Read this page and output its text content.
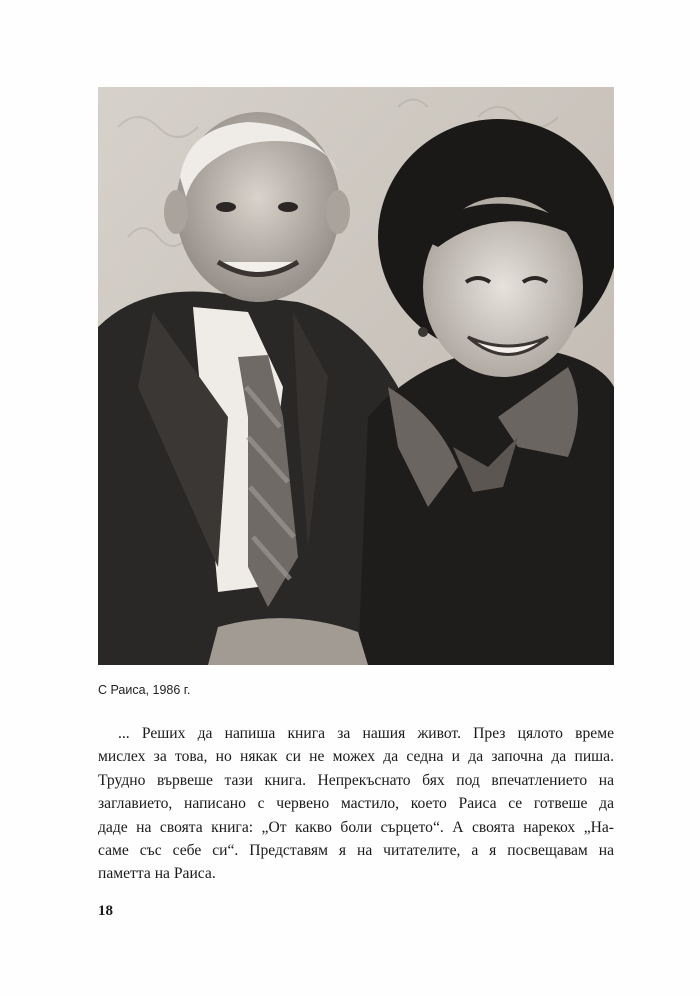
С Раиса, 1986 г.
... Реших да напиша книга за нашия живот. През цялото време
мислех за това, но някак си не можех да седна и да започна да пиша.
Трудно вървеше тази книга. Непрекъснато бях под впечатлението на
заглавието, написано с червено мастило, което Раиса се готвеше да
даде на своята книга: „От какво боли сърцето“. А своята нарекох „На-
саме със себе си“. Представям я на читателите, а я посвещавам на
паметта на Раиса.
18
